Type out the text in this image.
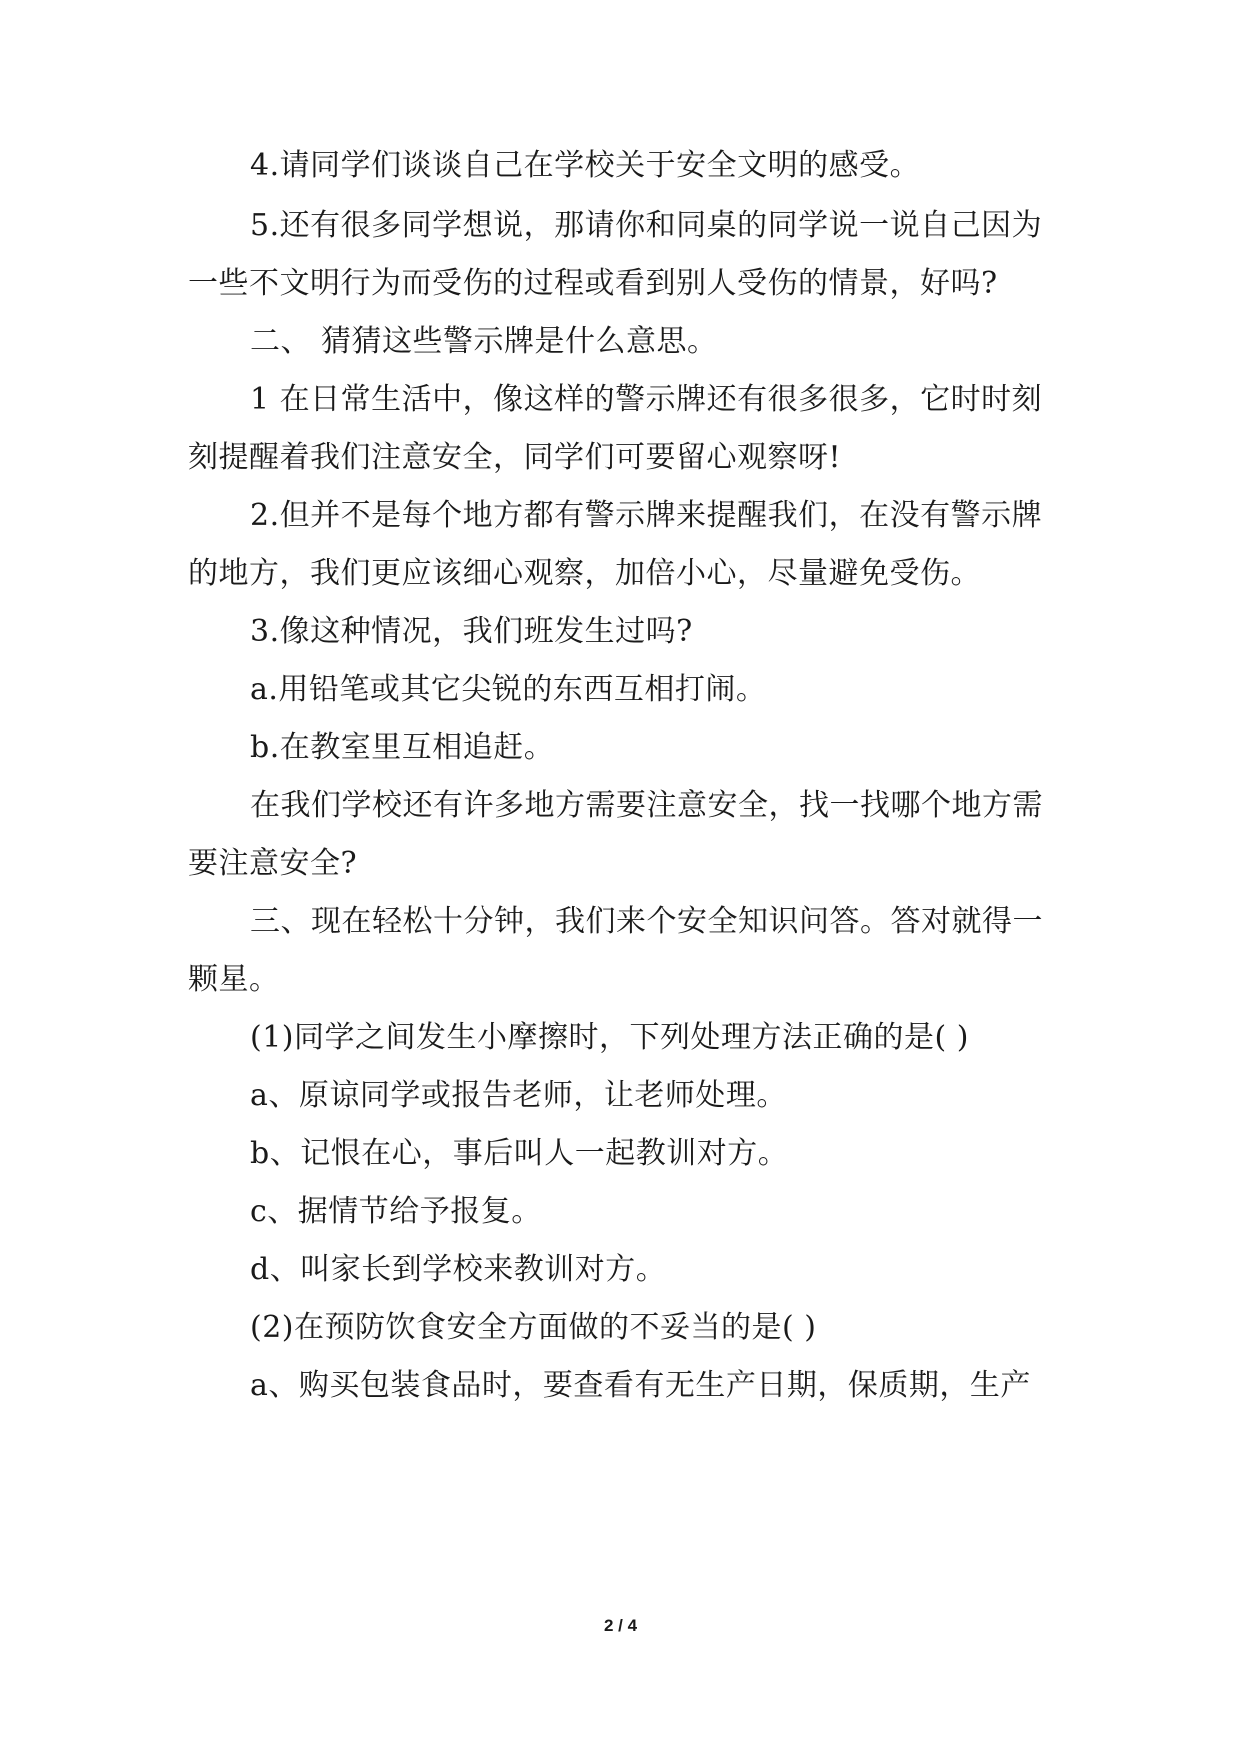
4.请同学们谈谈自己在学校关于安全文明的感受。
5.还有很多同学想说，那请你和同桌的同学说一说自己因为
一些不文明行为而受伤的过程或看到别人受伤的情景，好吗?
二、 猜猜这些警示牌是什么意思。
1 在日常生活中，像这样的警示牌还有很多很多，它时时刻
刻提醒着我们注意安全，同学们可要留心观察呀!
2.但并不是每个地方都有警示牌来提醒我们，在没有警示牌
的地方，我们更应该细心观察，加倍小心，尽量避免受伤。
3.像这种情况，我们班发生过吗?
a.用铅笔或其它尖锐的东西互相打闹。
b.在教室里互相追赶。
在我们学校还有许多地方需要注意安全，找一找哪个地方需
要注意安全?
三、现在轻松十分钟，我们来个安全知识问答。答对就得一
颗星。
(1)同学之间发生小摩擦时，下列处理方法正确的是( )
a、原谅同学或报告老师，让老师处理。
b、记恨在心，事后叫人一起教训对方。
c、据情节给予报复。
d、叫家长到学校来教训对方。
(2)在预防饮食安全方面做的不妥当的是( )
a、购买包装食品时，要查看有无生产日期，保质期，生产
2 / 4
